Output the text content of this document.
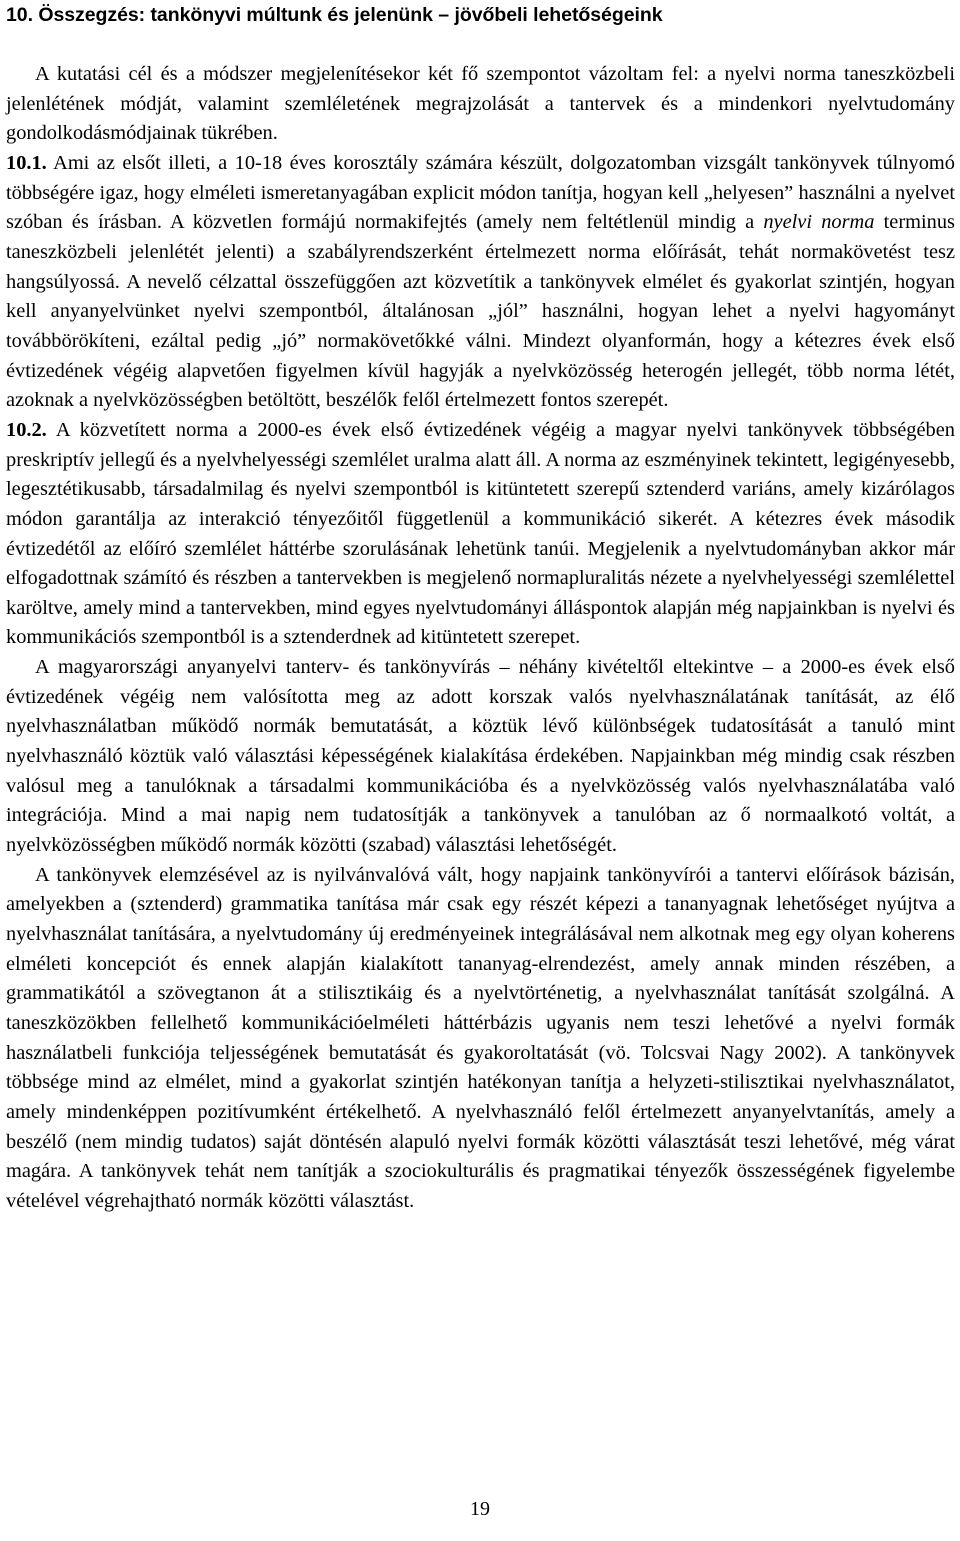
10. Összegzés: tankönyvi múltunk és jelenünk – jövőbeli lehetőségeink

A kutatási cél és a módszer megjelenítésekor két fő szempontot vázoltam fel: a nyelvi norma taneszközbeli jelenlétének módját, valamint szemléletének megrajzolását a tantervek és a mindenkori nyelvtudomány gondolkodásmódjainak tükrében.

10.1. Ami az elsőt illeti, a 10-18 éves korosztály számára készült, dolgozatomban vizsgált tankönyvek túlnyomó többségére igaz, hogy elméleti ismeretanyagában explicit módon tanítja, hogyan kell „helyesen” használni a nyelvet szóban és írásban. A közvetlen formájú normakifejtés (amely nem feltétlenül mindig a nyelvi norma terminus taneszközbeli jelenlétét jelenti) a szabályrendszerként értelmezett norma előírását, tehát normakövetést tesz hangsúlyossá. A nevelő célzattal összefüggően azt közvetítik a tankönyvek elmélet és gyakorlat szintjén, hogyan kell anyanyelvünket nyelvi szempontból, általánosan „jól” használni, hogyan lehet a nyelvi hagyományt továbbörökíteni, ezáltal pedig „jó” normakövetőkké válni. Mindezt olyanformán, hogy a kétezres évek első évtizedének végéig alapvetően figyelmen kívül hagyják a nyelvközösség heterogén jellegét, több norma létét, azoknak a nyelvközösségben betöltött, beszélők felől értelmezett fontos szerepét.

10.2. A közvetített norma a 2000-es évek első évtizedének végéig a magyar nyelvi tankönyvek többségében preskriptív jellegű és a nyelvhelyességi szemlélet uralma alatt áll. A norma az eszményinek tekintett, legigényesebb, legesztétikusabb, társadalmilag és nyelvi szempontból is kitüntetett szerepű sztenderd variáns, amely kizárólagos módon garantálja az interakció tényezőitől függetlenül a kommunikáció sikerét. A kétezres évek második évtizedétől az előíró szemlélet háttérbe szorulásának lehetünk tanúi. Megjelenik a nyelvtudományban akkor már elfogadottnak számító és részben a tantervekben is megjelenő normapluralitás nézete a nyelvhelyességi szemlélettel karöltve, amely mind a tantervekben, mind egyes nyelvtudományi álláspontok alapján még napjainkban is nyelvi és kommunikációs szempontból is a sztenderdnek ad kitüntetett szerepet.

A magyarországi anyanyelvi tanterv- és tankönyvírás – néhány kivételtől eltekintve – a 2000-es évek első évtizedének végéig nem valósította meg az adott korszak valós nyelvhasználatának tanítását, az élő nyelvhasználatban működő normák bemutatását, a köztük lévő különbségek tudatosítását a tanuló mint nyelvhasználó köztük való választási képességének kialakítása érdekében. Napjainkban még mindig csak részben valósul meg a tanulóknak a társadalmi kommunikációba és a nyelvközösség valós nyelvhasználatába való integrációja. Mind a mai napig nem tudatosítják a tankönyvek a tanulóban az ő normaalkotó voltát, a nyelvközösségben működő normák közötti (szabad) választási lehetőségét.

A tankönyvek elemzésével az is nyilvánvalóvá vált, hogy napjaink tankönyvírói a tantervi előírások bázisán, amelyekben a (sztenderd) grammatika tanítása már csak egy részét képezi a tananyagnak lehetőséget nyújtva a nyelvhasználat tanítására, a nyelvtudomány új eredményeinek integrálásával nem alkotnak meg egy olyan koherens elméleti koncepciót és ennek alapján kialakított tananyag-elrendezést, amely annak minden részében, a grammatikától a szövegtanon át a stilisztikáig és a nyelvtörténetig, a nyelvhasználat tanítását szolgálná. A taneszközökben fellelhető kommunikációelméleti háttérbázis ugyanis nem teszi lehetővé a nyelvi formák használatbeli funkciója teljességének bemutatását és gyakoroltatását (vö. Tolcsvai Nagy 2002). A tankönyvek többsége mind az elmélet, mind a gyakorlat szintjén hatékonyan tanítja a helyzeti-stilisztikai nyelvhasználatot, amely mindenképpen pozitívumként értékelhető. A nyelvhasználó felől értelmezett anyanyelvtanítás, amely a beszélő (nem mindig tudatos) saját döntésén alapuló nyelvi formák közötti választását teszi lehetővé, még várat magára. A tankönyvek tehát nem tanítják a szociokulturális és pragmatikai tényezők összességének figyelembe vételével végrehajtható normák közötti választást.

19
